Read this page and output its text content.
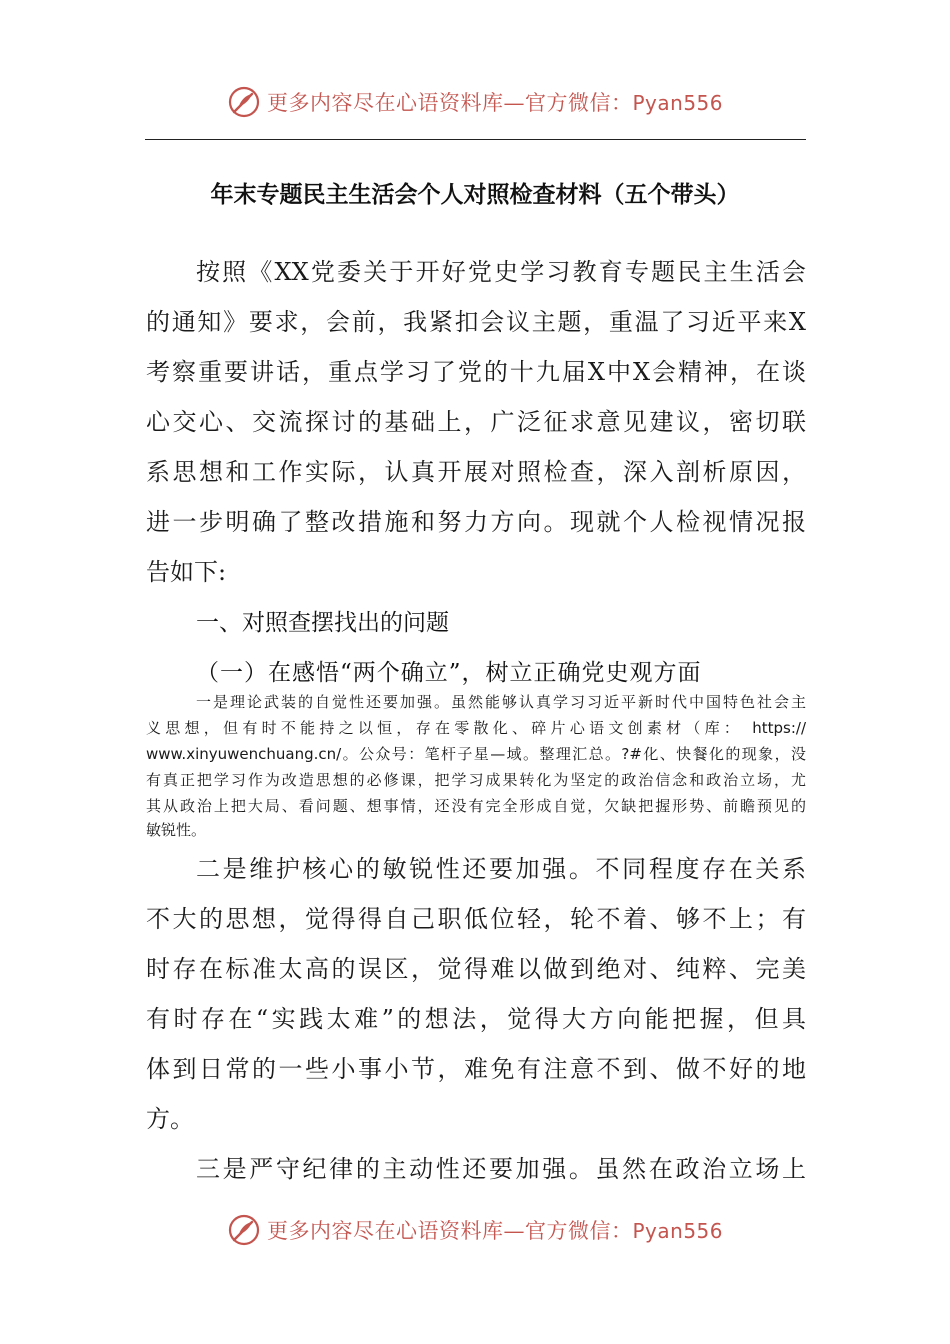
更多内容尽在心语资料库—官方微信：Pyan556
年末专题民主生活会个人对照检查材料（五个带头）
按照《XX党委关于开好党史学习教育专题民主生活会
的通知》要求，会前，我紧扣会议主题，重温了习近平来X
考察重要讲话，重点学习了党的十九届X中X会精神，在谈
心交心、交流探讨的基础上，广泛征求意见建议，密切联
系思想和工作实际，认真开展对照检查，深入剖析原因，
进一步明确了整改措施和努力方向。现就个人检视情况报
告如下:
一、对照查摆找出的问题
（一）在感悟“两个确立”，树立正确党史观方面
一是理论武装的自觉性还要加强。虽然能够认真学习习近平新时代中国特色社会主
义思想，但有时不能持之以恒，存在零散化、碎片心语文创素材（库： https://
www.xinyuwenchuang.cn/。公众号：笔杆子星—域。整理汇总。?#化、快餐化的现象，没
有真正把学习作为改造思想的必修课，把学习成果转化为坚定的政治信念和政治立场，尤
其从政治上把大局、看问题、想事情，还没有完全形成自觉，欠缺把握形势、前瞻预见的
敏锐性。
二是维护核心的敏锐性还要加强。不同程度存在关系
不大的思想，觉得得自己职低位轻，轮不着、够不上；有
时存在标准太高的误区，觉得难以做到绝对、纯粹、完美
有时存在“实践太难”的想法，觉得大方向能把握，但具
体到日常的一些小事小节，难免有注意不到、做不好的地
方。
三是严守纪律的主动性还要加强。虽然在政治立场上
更多内容尽在心语资料库—官方微信：Pyan556
